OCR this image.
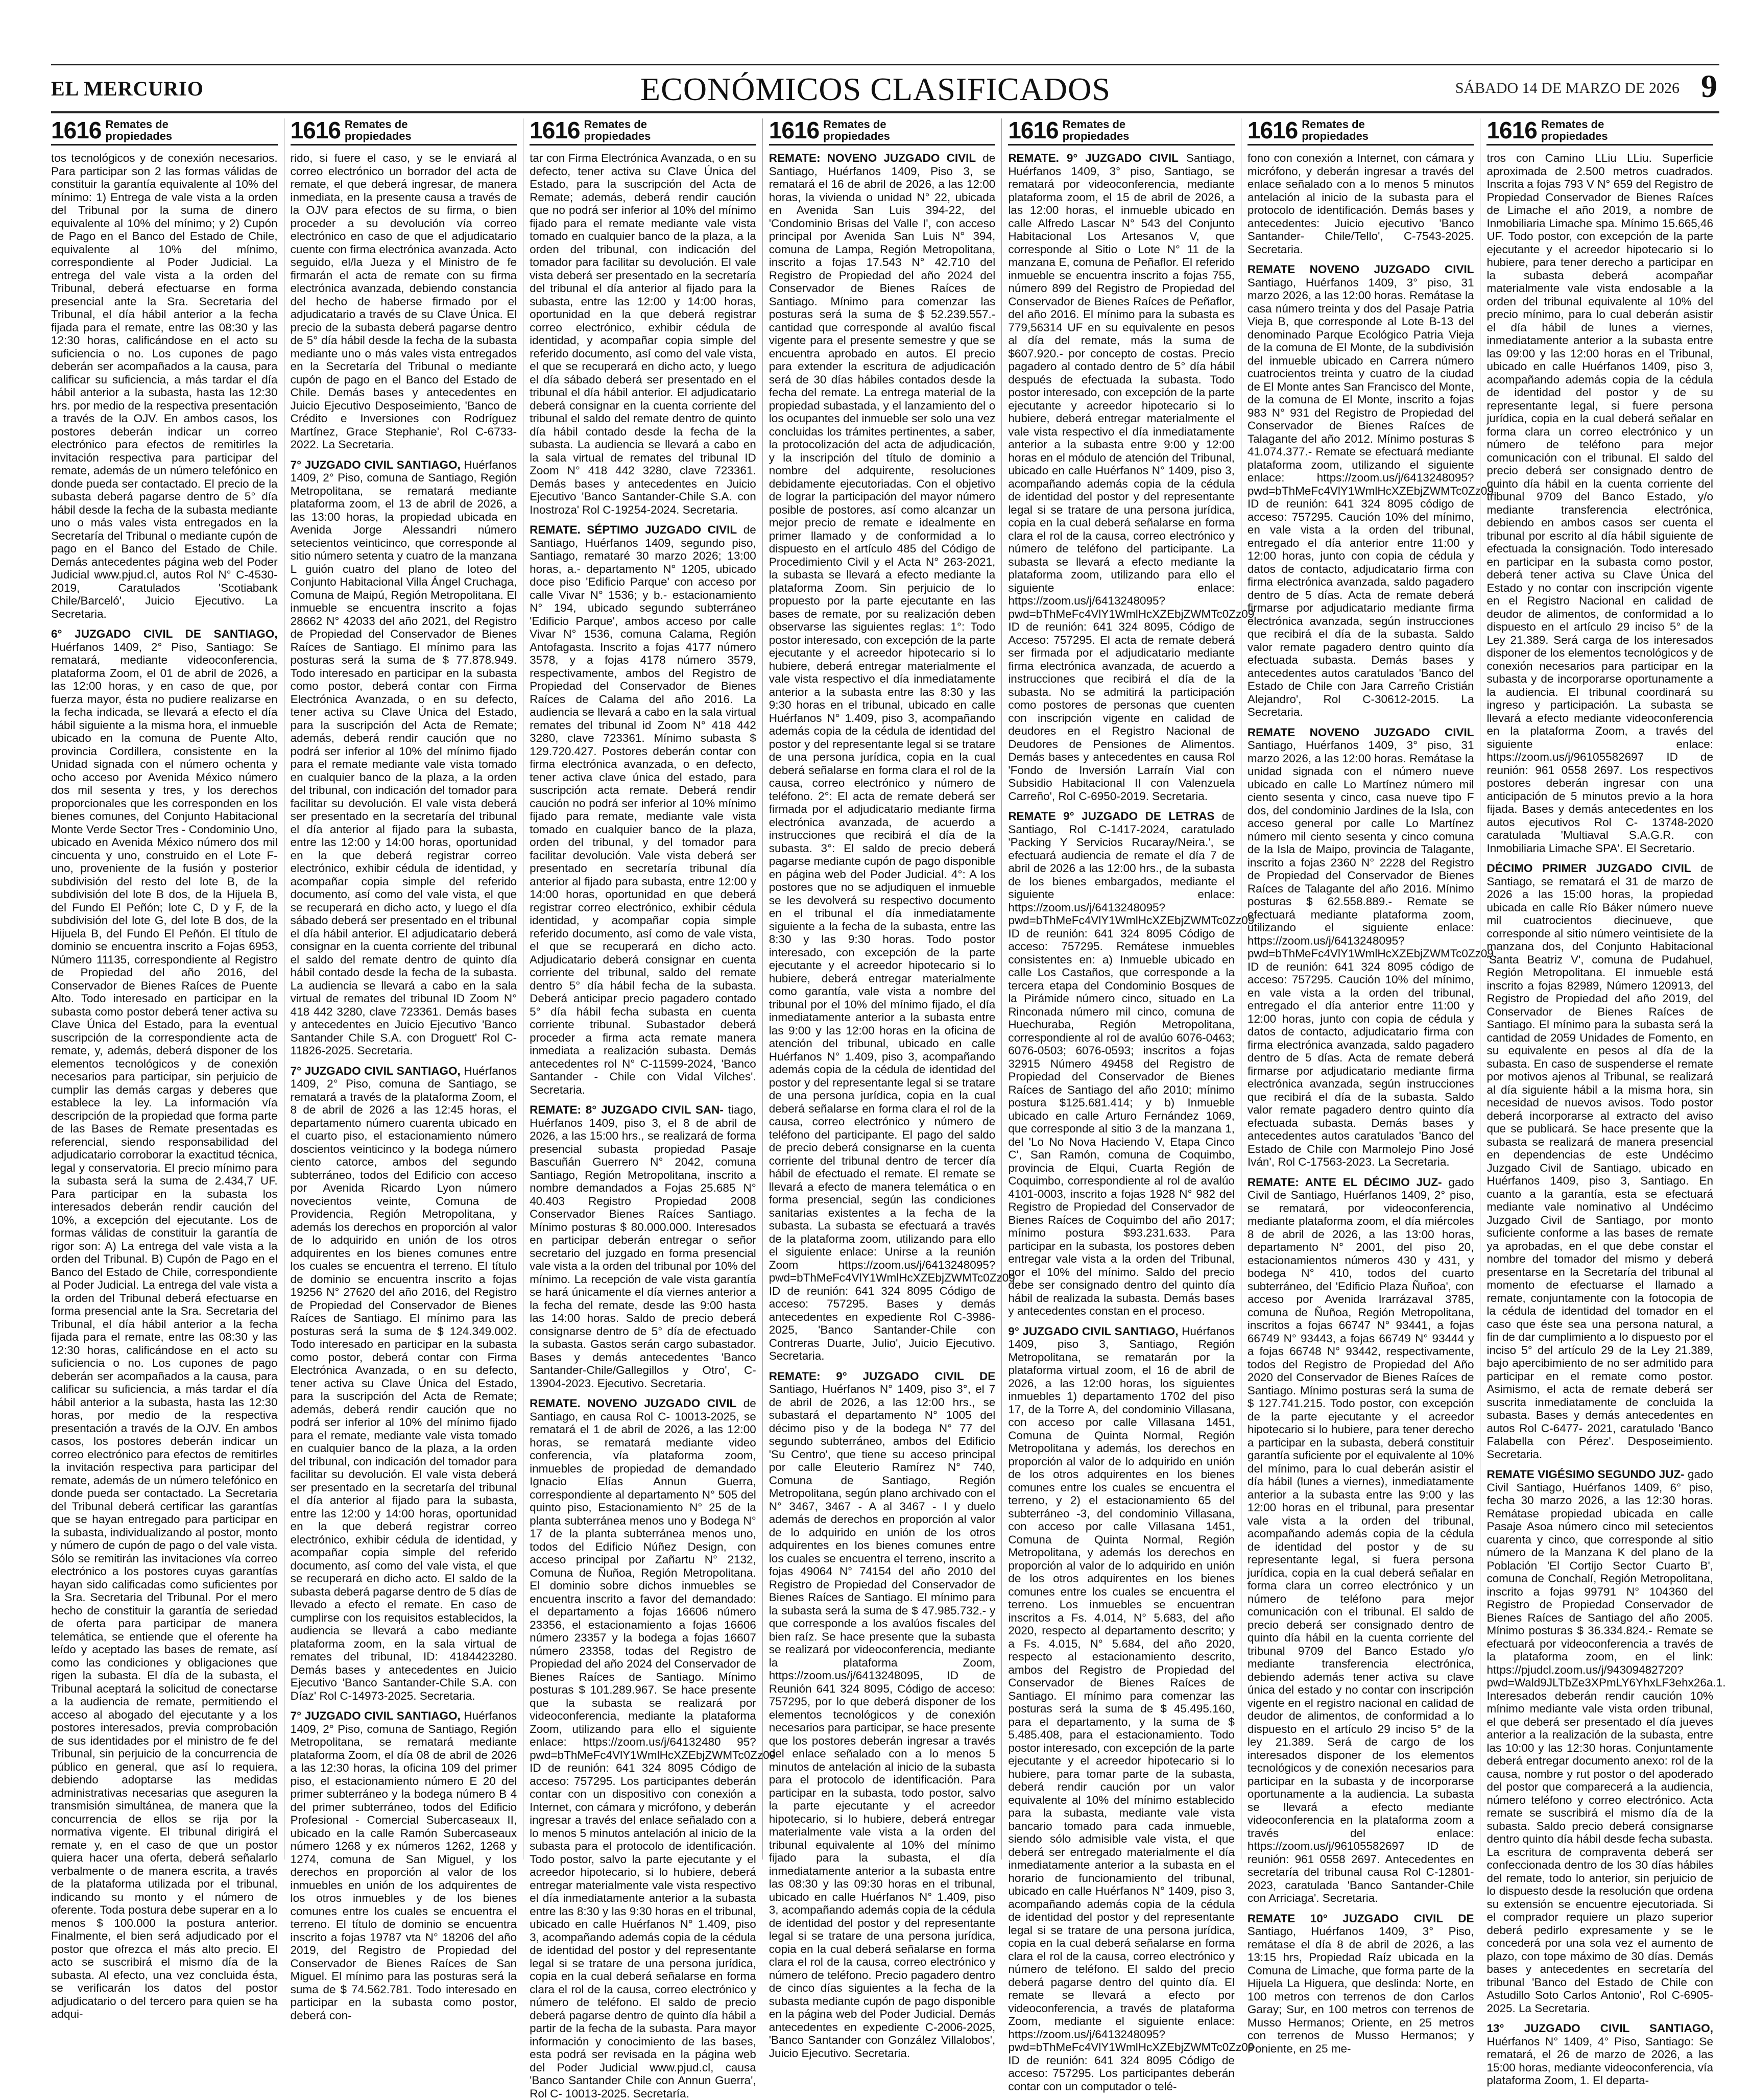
EL MERCURIO	ECONÓMICOS CLASIFICADOS	SÁBADO 14 DE MARZO DE 2026 9
1616 Remates de
propiedades

tos tecnológicos y de conexión necesarios. Para participar son 2 las formas válidas de constituir la garantía equivalente al 10% del mínimo: 1) Entrega de vale vista a la orden del Tribunal por la suma de dinero equivalente al 10% del mínimo; y 2) Cupón de Pago en el Banco del Estado de Chile, equivalente al 10% del mínimo, correspondiente al Poder Judicial. La entrega del vale vista a la orden del Tribunal, deberá efectuarse en forma presencial ante la Sra. Secretaria del Tribunal, el día hábil anterior a la fecha fijada para el remate, entre las 08:30 y las 12:30 horas, calificándose en el acto su suficiencia o no. Los cupones de pago deberán ser acompañados a la causa, para calificar su suficiencia, a más tardar el día hábil anterior a la subasta, hasta las 12:30 hrs. por medio de la respectiva presentación a través de la OJV. En ambos casos, los postores deberán indicar un correo electrónico para efectos de remitirles la invitación respectiva para participar del remate, además de un número telefónico en donde pueda ser contactado. El precio de la subasta deberá pagarse dentro de 5° día hábil desde la fecha de la subasta mediante uno o más vales vista entregados en la Secretaría del Tribunal o mediante cupón de pago en el Banco del Estado de Chile. Demás antecedentes página web del Poder Judicial www.pjud.cl, autos Rol N° C-4530-2019, Caratulados 'Scotiabank Chile/Barceló', Juicio Ejecutivo. La Secretaria.

6° JUZGADO CIVIL DE SANTIAGO, Huérfanos 1409, 2° Piso, Santiago: Se rematará, mediante videoconferencia, plataforma Zoom, el 01 de abril de 2026, a las 12:00 horas, y en caso de que, por fuerza mayor, ésta no pudiere realizarse en la fecha indicada, se llevará a efecto el día hábil siguiente a la misma hora, el inmueble ubicado en la comuna de Puente Alto, provincia Cordillera, consistente en la Unidad signada con el número ochenta y ocho acceso por Avenida México número dos mil sesenta y tres, y los derechos proporcionales que les corresponden en los bienes comunes, del Conjunto Habitacional Monte Verde Sector Tres - Condominio Uno, ubicado en Avenida México número dos mil cincuenta y uno, construido en el Lote F-uno, proveniente de la fusión y posterior subdivisión del resto del lote B, de la subdivisión del lote B dos, de la Hijuela B, del Fundo El Peñón; lote C, D y F, de la subdivisión del lote G, del lote B dos, de la Hijuela B, del Fundo El Peñón. El título de dominio se encuentra inscrito a Fojas 6953, Número 11135, correspondiente al Registro de Propiedad del año 2016, del Conservador de Bienes Raíces de Puente Alto. Todo interesado en participar en la subasta como postor deberá tener activa su Clave Única del Estado, para la eventual suscripción de la correspondiente acta de remate, y, además, deberá disponer de los elementos tecnológicos y de conexión necesarios para participar, sin perjuicio de cumplir las demás cargas y deberes que establece la ley. La información vía descripción de la propiedad que forma parte de las Bases de Remate presentadas es referencial, siendo responsabilidad del adjudicatario corroborar la exactitud técnica, legal y conservatoria. El precio mínimo para la subasta será la suma de 2.434,7 UF. Para participar en la subasta los interesados deberán rendir caución del 10%, a excepción del ejecutante. Los de formas válidas de constituir la garantía de rigor son: A) La entrega del vale vista a la orden del Tribunal. B) Cupón de Pago en el Banco del Estado de Chile, correspondiente al Poder Judicial. La entrega del vale vista a la orden del Tribunal deberá efectuarse en forma presencial ante la Sra. Secretaria del Tribunal, el día hábil anterior a la fecha fijada para el remate, entre las 08:30 y las 12:30 horas, calificándose en el acto su suficiencia o no. Los cupones de pago deberán ser acompañados a la causa, para calificar su suficiencia, a más tardar el día hábil anterior a la subasta, hasta las 12:30 horas, por medio de la respectiva presentación a través de la OJV. En ambos casos, los postores deberán indicar un correo electrónico para efectos de remitirles la invitación respectiva para participar del remate, además de un número telefónico en donde pueda ser contactado. La Secretaria del Tribunal deberá certificar las garantías que se hayan entregado para participar en la subasta, individualizando al postor, monto y número de cupón de pago o del vale vista. Sólo se remitirán las invitaciones vía correo electrónico a los postores cuyas garantías hayan sido calificadas como suficientes por la Sra. Secretaria del Tribunal. Por el mero hecho de constituir la garantía de seriedad de oferta para participar de manera telemática, se entiende que el oferente ha leído y aceptado las bases de remate, así como las condiciones y obligaciones que rigen la subasta. El día de la subasta, el Tribunal aceptará la solicitud de conectarse a la audiencia de remate, permitiendo el acceso al abogado del ejecutante y a los postores interesados, previa comprobación de sus identidades por el ministro de fe del Tribunal, sin perjuicio de la concurrencia de público en general, que así lo requiera, debiendo adoptarse las medidas administrativas necesarias que aseguren la transmisión simultánea, de manera que la concurrencia de ellos se rija por la normativa vigente. El tribunal dirigirá el remate y, en el caso de que un postor quiera hacer una oferta, deberá señalarlo verbalmente o de manera escrita, a través de la plataforma utilizada por el tribunal, indicando su monto y el número de oferente. Toda postura debe superar en a lo menos $ 100.000 la postura anterior. Finalmente, el bien será adjudicado por el postor que ofrezca el más alto precio. El acto se suscribirá el mismo día de la subasta. Al efecto, una vez concluida ésta, se verificarán los datos del postor adjudicatario o del tercero para quien se ha adqui-

1616 Remates de
propiedades

rido, si fuere el caso, y se le enviará al correo electrónico un borrador del acta de remate, el que deberá ingresar, de manera inmediata, en la presente causa a través de la OJV para efectos de su firma, o bien proceder a su devolución vía correo electrónico en caso de que el adjudicatario cuente con firma electrónica avanzada. Acto seguido, el/la Jueza y el Ministro de fe firmarán el acta de remate con su firma electrónica avanzada, debiendo constancia del hecho de haberse firmado por el adjudicatario a través de su Clave Única. El precio de la subasta deberá pagarse dentro de 5° día hábil desde la fecha de la subasta mediante uno o más vales vista entregados en la Secretaría del Tribunal o mediante cupón de pago en el Banco del Estado de Chile. Demás bases y antecedentes en Juicio Ejecutivo Desposeimiento, 'Banco de Crédito e Inversiones con Rodríguez Martínez, Grace Stephanie', Rol C-6733-2022. La Secretaria.

7° JUZGADO CIVIL SANTIAGO, Huérfanos 1409, 2° Piso, comuna de Santiago, Región Metropolitana, se rematará mediante plataforma zoom, el 13 de abril de 2026, a las 13:00 horas, la propiedad ubicada en Avenida Jorge Alessandri número setecientos veinticinco, que corresponde al sitio número setenta y cuatro de la manzana L guión cuatro del plano de loteo del Conjunto Habitacional Villa Ángel Cruchaga, Comuna de Maipú, Región Metropolitana. El inmueble se encuentra inscrito a fojas 28662 N° 42033 del año 2021, del Registro de Propiedad del Conservador de Bienes Raíces de Santiago. El mínimo para las posturas será la suma de $ 77.878.949. Todo interesado en participar en la subasta como postor, deberá contar con Firma Electrónica Avanzada, o en su defecto, tener activa su Clave Única del Estado, para la suscripción del Acta de Remate; además, deberá rendir caución que no podrá ser inferior al 10% del mínimo fijado para el remate mediante vale vista tomado en cualquier banco de la plaza, a la orden del tribunal, con indicación del tomador para facilitar su devolución. El vale vista deberá ser presentado en la secretaría del tribunal el día anterior al fijado para la subasta, entre las 12:00 y 14:00 horas, oportunidad en la que deberá registrar correo electrónico, exhibir cédula de identidad, y acompañar copia simple del referido documento, así como del vale vista, el que se recuperará en dicho acto, y luego el día sábado deberá ser presentado en el tribunal el día hábil anterior. El adjudicatario deberá consignar en la cuenta corriente del tribunal el saldo del remate dentro de quinto día hábil contado desde la fecha de la subasta. La audiencia se llevará a cabo en la sala virtual de remates del tribunal ID Zoom N° 418 442 3280, clave 723361. Demás bases y antecedentes en Juicio Ejecutivo 'Banco Santander Chile S.A. con Droguett' Rol C-11826-2025. Secretaria.

7° JUZGADO CIVIL SANTIAGO, Huérfanos 1409, 2° Piso, comuna de Santiago, se rematará a través de la plataforma Zoom, el 8 de abril de 2026 a las 12:45 horas, el departamento número cuarenta ubicado en el cuarto piso, el estacionamiento número doscientos veinticinco y la bodega número ciento catorce, ambos del segundo subterráneo, todos del Edificio con acceso por Avenida Ricardo Lyon número novecientos veinte, Comuna de Providencia, Región Metropolitana, y además los derechos en proporción al valor de lo adquirido en unión de los otros adquirentes en los bienes comunes entre los cuales se encuentra el terreno. El título de dominio se encuentra inscrito a fojas 19256 N° 27620 del año 2016, del Registro de Propiedad del Conservador de Bienes Raíces de Santiago. El mínimo para las posturas será la suma de $ 124.349.002. Todo interesado en participar en la subasta como postor, deberá contar con Firma Electrónica Avanzada, o en su defecto, tener activa su Clave Única del Estado, para la suscripción del Acta de Remate; además, deberá rendir caución que no podrá ser inferior al 10% del mínimo fijado para el remate, mediante vale vista tomado en cualquier banco de la plaza, a la orden del tribunal, con indicación del tomador para facilitar su devolución. El vale vista deberá ser presentado en la secretaría del tribunal el día anterior al fijado para la subasta, entre las 12:00 y 14:00 horas, oportunidad en la que deberá registrar correo electrónico, exhibir cédula de identidad, y acompañar copia simple del referido documento, así como del vale vista, el que se recuperará en dicho acto. El saldo de la subasta deberá pagarse dentro de 5 días de llevado a efecto el remate. En caso de cumplirse con los requisitos establecidos, la audiencia se llevará a cabo mediante plataforma zoom, en la sala virtual de remates del tribunal, ID: 4184423280. Demás bases y antecedentes en Juicio Ejecutivo 'Banco Santander-Chile S.A. con Díaz' Rol C-14973-2025. Secretaria.

7° JUZGADO CIVIL SANTIAGO, Huérfanos 1409, 2° Piso, comuna de Santiago, Región Metropolitana, se rematará mediante plataforma Zoom, el día 08 de abril de 2026 a las 12:30 horas, la oficina 109 del primer piso, el estacionamiento número E 20 del primer subterráneo y la bodega número B 4 del primer subterráneo, todos del Edificio Profesional - Comercial Subercaseaux II, ubicado en la calle Ramón Subercaseaux número 1268 y ex números 1262, 1268 y 1274, comuna de San Miguel, y los derechos en proporción al valor de los inmuebles en unión de los adquirentes de los otros inmuebles y de los bienes comunes entre los cuales se encuentra el terreno. El título de dominio se encuentra inscrito a fojas 19787 vta N° 18206 del año 2019, del Registro de Propiedad del Conservador de Bienes Raíces de San Miguel. El mínimo para las posturas será la suma de $ 74.562.781. Todo interesado en participar en la subasta como postor, deberá con-

1616 Remates de
propiedades

tar con Firma Electrónica Avanzada, o en su defecto, tener activa su Clave Única del Estado, para la suscripción del Acta de Remate; además, deberá rendir caución que no podrá ser inferior al 10% del mínimo fijado para el remate mediante vale vista tomado en cualquier banco de la plaza, a la orden del tribunal, con indicación del tomador para facilitar su devolución. El vale vista deberá ser presentado en la secretaría del tribunal el día anterior al fijado para la subasta, entre las 12:00 y 14:00 horas, oportunidad en la que deberá registrar correo electrónico, exhibir cédula de identidad, y acompañar copia simple del referido documento, así como del vale vista, el que se recuperará en dicho acto, y luego el día sábado deberá ser presentado en el tribunal el día hábil anterior. El adjudicatario deberá consignar en la cuenta corriente del tribunal el saldo del remate dentro de quinto día hábil contado desde la fecha de la subasta. La audiencia se llevará a cabo en la sala virtual de remates del tribunal ID Zoom N° 418 442 3280, clave 723361. Demás bases y antecedentes en Juicio Ejecutivo 'Banco Santander-Chile S.A. con Inostroza' Rol C-19254-2024. Secretaria.

REMATE. SÉPTIMO JUZGADO CIVIL de Santiago, Huérfanos 1409, segundo piso, Santiago, remataré 30 marzo 2026; 13:00 horas, a.- departamento N° 1205, ubicado doce piso 'Edificio Parque' con acceso por calle Vivar N° 1536; y b.- estacionamiento N° 194, ubicado segundo subterráneo 'Edificio Parque', ambos acceso por calle Vivar N° 1536, comuna Calama, Región Antofagasta. Inscrito a fojas 4177 número 3578, y a fojas 4178 número 3579, respectivamente, ambos del Registro de Propiedad del Conservador de Bienes Raíces de Calama del año 2016. La audiencia se llevará a cabo en la sala virtual remates del tribunal id Zoom N° 418 442 3280, clave 723361. Mínimo subasta $ 129.720.427. Postores deberán contar con firma electrónica avanzada, o en defecto, tener activa clave única del estado, para suscripción acta remate. Deberá rendir caución no podrá ser inferior al 10% mínimo fijado para remate, mediante vale vista tomado en cualquier banco de la plaza, orden del tribunal, y del tomador para facilitar devolución. Vale vista deberá ser presentado en secretaría tribunal día anterior al fijado para subasta, entre 12:00 y 14:00 horas, oportunidad en que deberá registrar correo electrónico, exhibir cédula identidad, y acompañar copia simple referido documento, así como de vale vista, el que se recuperará en dicho acto. Adjudicatario deberá consignar en cuenta corriente del tribunal, saldo del remate dentro 5° día hábil fecha de la subasta. Deberá anticipar precio pagadero contado 5° día hábil fecha subasta en cuenta corriente tribunal. Subastador deberá proceder a firma acta remate manera inmediata a realización subasta. Demás antecedentes rol N° C-11599-2024, 'Banco Santander - Chile con Vidal Vilches'. Secretaria.

REMATE: 8° JUZGADO CIVIL SAN- tiago, Huérfanos 1409, piso 3, el 8 de abril de 2026, a las 15:00 hrs., se realizará de forma presencial subasta propiedad Pasaje Bascuñán Guerrero N° 2042, comuna Santiago, Región Metropolitana, inscrito a nombre demandados a Fojas 25.685 N° 40.403 Registro Propiedad 2008 Conservador Bienes Raíces Santiago. Mínimo posturas $ 80.000.000. Interesados en participar deberán entregar o señor secretario del juzgado en forma presencial vale vista a la orden del tribunal por 10% del mínimo. La recepción de vale vista garantía se hará únicamente el día viernes anterior a la fecha del remate, desde las 9:00 hasta las 14:00 horas. Saldo de precio deberá consignarse dentro de 5° día de efectuado la subasta. Gastos serán cargo subastador. Bases y demás antecedentes 'Banco Santander-Chile/Gallegillos y Otro', C-13904-2023. Ejecutivo. Secretaria.

REMATE. NOVENO JUZGADO CIVIL de Santiago, en causa Rol C- 10013-2025, se rematará el 1 de abril de 2026, a las 12:00 horas, se rematará mediante video conferencia, vía plataforma zoom, inmuebles de propiedad de demandado Ignacio Elías Annun Guerra, correspondiente al departamento N° 505 del quinto piso, Estacionamiento N° 25 de la planta subterránea menos uno y Bodega N° 17 de la planta subterránea menos uno, todos del Edificio Núñez Design, con acceso principal por Zañartu N° 2132, Comuna de Ñuñoa, Región Metropolitana. El dominio sobre dichos inmuebles se encuentra inscrito a favor del demandado: el departamento a fojas 16606 número 23356, el estacionamiento a fojas 16606 número 23357 y la bodega a fojas 16607 número 23358, todas del Registro de Propiedad del año 2024 del Conservador de Bienes Raíces de Santiago. Mínimo posturas $ 101.289.967. Se hace presente que la subasta se realizará por videoconferencia, mediante la plataforma Zoom, utilizando para ello el siguiente enlace: https://zoom.us/j/64132480 95?pwd=bThMeFc4VlY1WmlHcXZEbjZWMTc0Zz09 ID de reunión: 641 324 8095 Código de acceso: 757295. Los participantes deberán contar con un dispositivo con conexión a Internet, con cámara y micrófono, y deberán ingresar a través del enlace señalado con a lo menos 5 minutos antelación al inicio de la subasta para el protocolo de identificación. Todo postor, salvo la parte ejecutante y el acreedor hipotecario, si lo hubiere, deberá entregar materialmente vale vista respectivo el día inmediatamente anterior a la subasta entre las 8:30 y las 9:30 horas en el tribunal, ubicado en calle Huérfanos N° 1.409, piso 3, acompañando además copia de la cédula de identidad del postor y del representante legal si se tratare de una persona jurídica, copia en la cual deberá señalarse en forma clara el rol de la causa, correo electrónico y número de teléfono. El saldo de precio deberá pagarse dentro de quinto día hábil a partir de la fecha de la subasta. Para mayor información y conocimiento de las bases, esta podrá ser revisada en la página web del Poder Judicial www.pjud.cl, causa 'Banco Santander Chile con Annun Guerra', Rol C- 10013-2025. Secretaría.

1616 Remates de
propiedades

REMATE: NOVENO JUZGADO CIVIL de Santiago, Huérfanos 1409, Piso 3, se rematará el 16 de abril de 2026, a las 12:00 horas, la vivienda o unidad N° 22, ubicada en Avenida San Luis 394-22, del 'Condominio Brisas del Valle I', con acceso principal por Avenida San Luis N° 394, comuna de Lampa, Región Metropolitana, inscrito a fojas 17.543 N° 42.710 del Registro de Propiedad del año 2024 del Conservador de Bienes Raíces de Santiago. Mínimo para comenzar las posturas será la suma de $ 52.239.557.- cantidad que corresponde al avalúo fiscal vigente para el presente semestre y que se encuentra aprobado en autos. El precio para extender la escritura de adjudicación será de 30 días hábiles contados desde la fecha del remate. La entrega material de la propiedad subastada, y el lanzamiento del o los ocupantes del inmueble ser solo una vez concluidas los trámites pertinentes, a saber, la protocolización del acta de adjudicación, y la inscripción del título de dominio a nombre del adquirente, resoluciones debidamente ejecutoriadas. Con el objetivo de lograr la participación del mayor número posible de postores, así como alcanzar un mejor precio de remate e idealmente en primer llamado y de conformidad a lo dispuesto en el artículo 485 del Código de Procedimiento Civil y el Acta N° 263-2021, la subasta se llevará a efecto mediante la plataforma Zoom. Sin perjuicio de lo propuesto por la parte ejecutante en las bases de remate, por su realización deben observarse las siguientes reglas: 1°: Todo postor interesado, con excepción de la parte ejecutante y el acreedor hipotecario si lo hubiere, deberá entregar materialmente el vale vista respectivo el día inmediatamente anterior a la subasta entre las 8:30 y las 9:30 horas en el tribunal, ubicado en calle Huérfanos N° 1.409, piso 3, acompañando además copia de la cédula de identidad del postor y del representante legal si se tratare de una persona jurídica, copia en la cual deberá señalarse en forma clara el rol de la causa, correo electrónico y número de teléfono. 2°: El acta de remate deberá ser firmada por el adjudicatario mediante firma electrónica avanzada, de acuerdo a instrucciones que recibirá el día de la subasta. 3°: El saldo de precio deberá pagarse mediante cupón de pago disponible en página web del Poder Judicial. 4°: A los postores que no se adjudiquen el inmueble se les devolverá su respectivo documento en el tribunal el día inmediatamente siguiente a la fecha de la subasta, entre las 8:30 y las 9:30 horas. Todo postor interesado, con excepción de la parte ejecutante y el acreedor hipotecario si lo hubiere, deberá entregar materialmente como garantía, vale vista a nombre del tribunal por el 10% del mínimo fijado, el día inmediatamente anterior a la subasta entre las 9:00 y las 12:00 horas en la oficina de atención del tribunal, ubicado en calle Huérfanos N° 1.409, piso 3, acompañando además copia de la cédula de identidad del postor y del representante legal si se tratare de una persona jurídica, copia en la cual deberá señalarse en forma clara el rol de la causa, correo electrónico y número de teléfono del participante. El pago del saldo de precio deberá consignarse en la cuenta corriente del tribunal dentro de tercer día hábil de efectuado el remate. El remate se llevará a efecto de manera telemática o en forma presencial, según las condiciones sanitarias existentes a la fecha de la subasta. La subasta se efectuará a través de la plataforma zoom, utilizando para ello el siguiente enlace: Unirse a la reunión Zoom https://zoom.us/j/6413248095? pwd=bThMeFc4VlY1WmlHcXZEbjZWMTc0Zz09 ID de reunión: 641 324 8095 Código de acceso: 757295. Bases y demás antecedentes en expediente Rol C-3986-2025, 'Banco Santander-Chile con Contreras Duarte, Julio', Juicio Ejecutivo. Secretaria.

REMATE: 9° JUZGADO CIVIL DE Santiago, Huérfanos N° 1409, piso 3°, el 7 de abril de 2026, a las 12:00 hrs., se subastará el departamento N° 1005 del décimo piso y de la bodega N° 77 del segundo subterráneo, ambos del Edificio 'Su Centro', que tiene su acceso principal por calle Eleuterio Ramírez N° 740, Comuna de Santiago, Región Metropolitana, según plano archivado con el N° 3467, 3467 - A al 3467 - I y duelo además de derechos en proporción al valor de lo adquirido en unión de los otros adquirentes en los bienes comunes entre los cuales se encuentra el terreno, inscrito a fojas 49064 N° 74154 del año 2010 del Registro de Propiedad del Conservador de Bienes Raíces de Santiago. El mínimo para la subasta será la suma de $ 47.985.732.- y que corresponde a los avalúos fiscales del bien raíz. Se hace presente que la subasta se realizará por videoconferencia, mediante la plataforma Zoom, https://zoom.us/j/6413248095, ID de Reunión 641 324 8095, Código de acceso: 757295, por lo que deberá disponer de los elementos tecnológicos y de conexión necesarios para participar, se hace presente que los postores deberán ingresar a través del enlace señalado con a lo menos 5 minutos de antelación al inicio de la subasta para el protocolo de identificación. Para participar en la subasta, todo postor, salvo la parte ejecutante y el acreedor hipotecario, si lo hubiere, deberá entregar materialmente vale vista a la orden del tribunal equivalente al 10% del mínimo fijado para la subasta, el día inmediatamente anterior a la subasta entre las 08:30 y las 09:30 horas en el tribunal, ubicado en calle Huérfanos N° 1.409, piso 3, acompañando además copia de la cédula de identidad del postor y del representante legal si se tratare de una persona jurídica, copia en la cual deberá señalarse en forma clara el rol de la causa, correo electrónico y número de teléfono. Precio pagadero dentro de cinco días siguientes a la fecha de la subasta mediante cupón de pago disponible en la página web del Poder Judicial. Demás antecedentes en expediente C-2006-2025, 'Banco Santander con González Villalobos', Juicio Ejecutivo. Secretaria.

1616 Remates de
propiedades

REMATE. 9° JUZGADO CIVIL Santiago, Huérfanos 1409, 3° piso, Santiago, se rematará por videoconferencia, mediante plataforma zoom, el 15 de abril de 2026, a las 12:00 horas, el inmueble ubicado en calle Alfredo Lascar N° 543 del Conjunto Habitacional Los Artesanos V, que corresponde al Sitio o Lote N° 11 de la manzana E, comuna de Peñaflor. El referido inmueble se encuentra inscrito a fojas 755, número 899 del Registro de Propiedad del Conservador de Bienes Raíces de Peñaflor, del año 2016. El mínimo para la subasta es 779,56314 UF en su equivalente en pesos al día del remate, más la suma de $607.920.- por concepto de costas. Precio pagadero al contado dentro de 5° día hábil después de efectuada la subasta. Todo postor interesado, con excepción de la parte ejecutante y acreedor hipotecario si lo hubiere, deberá entregar materialmente el vale vista respectivo el día inmediatamente anterior a la subasta entre 9:00 y 12:00 horas en el módulo de atención del Tribunal, ubicado en calle Huérfanos N° 1409, piso 3, acompañando además copia de la cédula de identidad del postor y del representante legal si se tratare de una persona jurídica, copia en la cual deberá señalarse en forma clara el rol de la causa, correo electrónico y número de teléfono del participante. La subasta se llevará a efecto mediante la plataforma zoom, utilizando para ello el siguiente enlace: https://zoom.us/j/6413248095? pwd=bThMeFc4VlY1WmlHcXZEbjZWMTc0Zz09 ID de reunión: 641 324 8095, Código de Acceso: 757295. El acta de remate deberá ser firmada por el adjudicatario mediante firma electrónica avanzada, de acuerdo a instrucciones que recibirá el día de la subasta. No se admitirá la participación como postores de personas que cuenten con inscripción vigente en calidad de deudores en el Registro Nacional de Deudores de Pensiones de Alimentos. Demás bases y antecedentes en causa Rol 'Fondo de Inversión Larraín Vial con Subsidio Habitacional II con Valenzuela Carreño', Rol C-6950-2019. Secretaria.

REMATE 9° JUZGADO DE LETRAS de Santiago, Rol C-1417-2024, caratulado 'Packing Y Servicios Rucaray/Neira.', se efectuará audiencia de remate el día 7 de abril de 2026 a las 12:00 hrs., de la subasta de los bienes embargados, mediante el siguiente enlace: https://zoom.us/j/6413248095?pwd=bThMeFc4VlY1WmlHcXZEbjZWMTc0Zz09 ID de reunión: 641 324 8095 Código de acceso: 757295. Remátese inmuebles consistentes en: a) Inmueble ubicado en calle Los Castaños, que corresponde a la tercera etapa del Condominio Bosques de la Pirámide número cinco, situado en La Rinconada número mil cinco, comuna de Huechuraba, Región Metropolitana, correspondiente al rol de avalúo 6076-0463; 6076-0503; 6076-0593; inscritos a fojas 32915 Número 49458 del Registro de Propiedad del Conservador de Bienes Raíces de Santiago del año 2010; mínimo postura $125.681.414; y b) Inmueble ubicado en calle Arturo Fernández 1069, que corresponde al sitio 3 de la manzana 1, del 'Lo No Nova Haciendo V, Etapa Cinco C', San Ramón, comuna de Coquimbo, provincia de Elqui, Cuarta Región de Coquimbo, correspondiente al rol de avalúo 4101-0003, inscrito a fojas 1928 N° 982 del Registro de Propiedad del Conservador de Bienes Raíces de Coquimbo del año 2017; mínimo postura $93.231.633. Para participar en la subasta, los postores deben entregar vale vista a la orden del Tribunal, por el 10% del mínimo. Saldo del precio debe ser consignado dentro del quinto día hábil de realizada la subasta. Demás bases y antecedentes constan en el proceso.

9° JUZGADO CIVIL SANTIAGO, Huérfanos 1409, piso 3, Santiago, Región Metropolitana, se rematarán por la plataforma virtual zoom, el 16 de abril de 2026, a las 12:00 horas, los siguientes inmuebles 1) departamento 1702 del piso 17, de la Torre A, del condominio Villasana, con acceso por calle Villasana 1451, Comuna de Quinta Normal, Región Metropolitana y además, los derechos en proporción al valor de lo adquirido en unión de los otros adquirentes en los bienes comunes entre los cuales se encuentra el terreno, y 2) el estacionamiento 65 del subterráneo -3, del condominio Villasana, con acceso por calle Villasana 1451, Comuna de Quinta Normal, Región Metropolitana, y además los derechos en proporción al valor de lo adquirido en unión de los otros adquirentes en los bienes comunes entre los cuales se encuentra el terreno. Los inmuebles se encuentran inscritos a Fs. 4.014, N° 5.683, del año 2020, respecto al departamento descrito; y a Fs. 4.015, N° 5.684, del año 2020, respecto al estacionamiento descrito, ambos del Registro de Propiedad del Conservador de Bienes Raíces de Santiago. El mínimo para comenzar las posturas será la suma de $ 45.495.160, para el departamento, y la suma de $ 5.485.408, para el estacionamiento. Todo postor interesado, con excepción de la parte ejecutante y el acreedor hipotecario si lo hubiere, para tomar parte de la subasta, deberá rendir caución por un valor equivalente al 10% del mínimo establecido para la subasta, mediante vale vista bancario tomado para cada inmueble, siendo sólo admisible vale vista, el que deberá ser entregado materialmente el día inmediatamente anterior a la subasta en el horario de funcionamiento del tribunal, ubicado en calle Huérfanos N° 1409, piso 3, acompañando además copia de la cédula de identidad del postor y del representante legal si se tratare de una persona jurídica, copia en la cual deberá señalarse en forma clara el rol de la causa, correo electrónico y número de teléfono. El saldo del precio deberá pagarse dentro del quinto día. El remate se llevará a efecto por videoconferencia, a través de plataforma Zoom, mediante el siguiente enlace: https://zoom.us/j/6413248095?pwd=bThMeFc4VlY1WmlHcXZEbjZWMTc0Zz09 ID de reunión: 641 324 8095 Código de acceso: 757295. Los participantes deberán contar con un computador o telé-

1616 Remates de
propiedades

fono con conexión a Internet, con cámara y micrófono, y deberán ingresar a través del enlace señalado con a lo menos 5 minutos antelación al inicio de la subasta para el protocolo de identificación. Demás bases y antecedentes: Juicio ejecutivo 'Banco Santander- Chile/Tello', C-7543-2025. Secretaria.

REMATE NOVENO JUZGADO CIVIL Santiago, Huérfanos 1409, 3° piso, 31 marzo 2026, a las 12:00 horas. Remátase la casa número treinta y dos del Pasaje Patria Vieja B, que corresponde al Lote B-13 del denominado Parque Ecológico Patria Vieja de la comuna de El Monte, de la subdivisión del inmueble ubicado en Carrera número cuatrocientos treinta y cuatro de la ciudad de El Monte antes San Francisco del Monte, de la comuna de El Monte, inscrito a fojas 983 N° 931 del Registro de Propiedad del Conservador de Bienes Raíces de Talagante del año 2012. Mínimo posturas $ 41.074.377.- Remate se efectuará mediante plataforma zoom, utilizando el siguiente enlace: https://zoom.us/j/6413248095?pwd=bThMeFc4VlY1WmlHcXZEbjZWMTc0Zz09, ID de reunión: 641 324 8095 código de acceso: 757295. Caución 10% del mínimo, en vale vista a la orden del tribunal, entregado el día anterior entre 11:00 y 12:00 horas, junto con copia de cédula y datos de contacto, adjudicatario firma con firma electrónica avanzada, saldo pagadero dentro de 5 días. Acta de remate deberá firmarse por adjudicatario mediante firma electrónica avanzada, según instrucciones que recibirá el día de la subasta. Saldo valor remate pagadero dentro quinto día efectuada subasta. Demás bases y antecedentes autos caratulados 'Banco del Estado de Chile con Jara Carreño Cristián Alejandro', Rol C-30612-2015. La Secretaria.

REMATE NOVENO JUZGADO CIVIL Santiago, Huérfanos 1409, 3° piso, 31 marzo 2026, a las 12:00 horas. Remátase la unidad signada con el número nueve ubicado en calle Lo Martínez número mil ciento sesenta y cinco, casa nueve tipo F dos, del condominio Jardines de la Isla, con acceso general por calle Lo Martínez número mil ciento sesenta y cinco comuna de la Isla de Maipo, provincia de Talagante, inscrito a fojas 2360 N° 2228 del Registro de Propiedad del Conservador de Bienes Raíces de Talagante del año 2016. Mínimo posturas $ 62.558.889.- Remate se efectuará mediante plataforma zoom, utilizando el siguiente enlace: https://zoom.us/j/6413248095?pwd=bThMeFc4VlY1WmlHcXZEbjZWMTc0Zz09, ID de reunión: 641 324 8095 código de acceso: 757295. Caución 10% del mínimo, en vale vista a la orden del tribunal, entregado el día anterior entre 11:00 y 12:00 horas, junto con copia de cédula y datos de contacto, adjudicatario firma con firma electrónica avanzada, saldo pagadero dentro de 5 días. Acta de remate deberá firmarse por adjudicatario mediante firma electrónica avanzada, según instrucciones que recibirá el día de la subasta. Saldo valor remate pagadero dentro quinto día efectuada subasta. Demás bases y antecedentes autos caratulados 'Banco del Estado de Chile con Marmolejo Pino José Iván', Rol C-17563-2023. La Secretaria.

REMATE: ANTE EL DÉCIMO JUZ- gado Civil de Santiago, Huérfanos 1409, 2° piso, se rematará, por videoconferencia, mediante plataforma zoom, el día miércoles 8 de abril de 2026, a las 13:00 horas, departamento N° 2001, del piso 20, estacionamientos números 430 y 431, y bodega N° 410, todos del cuarto subterráneo, del 'Edificio Plaza Ñuñoa', con acceso por Avenida Irarrázaval 3785, comuna de Ñuñoa, Región Metropolitana, inscritos a fojas 66747 N° 93441, a fojas 66749 N° 93443, a fojas 66749 N° 93444 y a fojas 66748 N° 93442, respectivamente, todos del Registro de Propiedad del Año 2020 del Conservador de Bienes Raíces de Santiago. Mínimo posturas será la suma de $ 127.741.215. Todo postor, con excepción de la parte ejecutante y el acreedor hipotecario si lo hubiere, para tener derecho a participar en la subasta, deberá constituir garantía suficiente por el equivalente al 10% del mínimo, para lo cual deberán asistir el día hábil (lunes a viernes), inmediatamente anterior a la subasta entre las 9:00 y las 12:00 horas en el tribunal, para presentar vale vista a la orden del tribunal, acompañando además copia de la cédula de identidad del postor y de su representante legal, si fuera persona jurídica, copia en la cual deberá señalar en forma clara un correo electrónico y un número de teléfono para mejor comunicación con el tribunal. El saldo de precio deberá ser consignado dentro de quinto día hábil en la cuenta corriente del tribunal 9709 del Banco Estado y/o mediante transferencia electrónica, debiendo además tener activa su clave única del estado y no contar con inscripción vigente en el registro nacional en calidad de deudor de alimentos, de conformidad a lo dispuesto en el artículo 29 inciso 5° de la ley 21.389. Será de cargo de los interesados disponer de los elementos tecnológicos y de conexión necesarios para participar en la subasta y de incorporarse oportunamente a la audiencia. La subasta se llevará a efecto mediante videoconferencia en la plataforma zoom a través del enlace: https://zoom.us/j/96105582697 ID de reunión: 961 0558 2697. Antecedentes en secretaría del tribunal causa Rol C-12801-2023, caratulada 'Banco Santander-Chile con Arriciaga'. Secretaria.

REMATE 10° JUZGADO CIVIL DE Santiago, Huérfanos 1409, 3° Piso, remátase el día 8 de abril de 2026, a las 13:15 hrs, Propiedad Raíz ubicada en la Comuna de Limache, que forma parte de la Hijuela La Higuera, que deslinda: Norte, en 100 metros con terrenos de don Carlos Garay; Sur, en 100 metros con terrenos de Musso Hermanos; Oriente, en 25 metros con terrenos de Musso Hermanos; y Poniente, en 25 me-

1616 Remates de
propiedades

tros con Camino LLiu LLiu. Superficie aproximada de 2.500 metros cuadrados. Inscrita a fojas 793 V N° 659 del Registro de Propiedad Conservador de Bienes Raíces de Limache el año 2019, a nombre de Inmobiliaria Limache spa. Mínimo 15.665,46 UF. Todo postor, con excepción de la parte ejecutante y el acreedor hipotecario si lo hubiere, para tener derecho a participar en la subasta deberá acompañar materialmente vale vista endosable a la orden del tribunal equivalente al 10% del precio mínimo, para lo cual deberán asistir el día hábil de lunes a viernes, inmediatamente anterior a la subasta entre las 09:00 y las 12:00 horas en el Tribunal, ubicado en calle Huérfanos 1409, piso 3, acompañando además copia de la cédula de identidad del postor y de su representante legal, si fuere persona jurídica, copia en la cual deberá señalar en forma clara un correo electrónico y un número de teléfono para mejor comunicación con el tribunal. El saldo del precio deberá ser consignado dentro de quinto día hábil en la cuenta corriente del tribunal 9709 del Banco Estado, y/o mediante transferencia electrónica, debiendo en ambos casos ser cuenta el tribunal por escrito al día hábil siguiente de efectuada la consignación. Todo interesado en participar en la subasta como postor, deberá tener activa su Clave Única del Estado y no contar con inscripción vigente en el Registro Nacional en calidad de deudor de alimentos, de conformidad a lo dispuesto en el artículo 29 inciso 5° de la Ley 21.389. Será carga de los interesados disponer de los elementos tecnológicos y de conexión necesarios para participar en la subasta y de incorporarse oportunamente a la audiencia. El tribunal coordinará su ingreso y participación. La subasta se llevará a efecto mediante videoconferencia en la plataforma Zoom, a través del siguiente enlace: https://zoom.us/j/96105582697 ID de reunión: 961 0558 2697. Los respectivos postores deberán ingresar con una anticipación de 5 minutos previo a la hora fijada. Bases y demás antecedentes en los autos ejecutivos Rol C- 13748-2020 caratulada 'Multiaval S.A.G.R. con Inmobiliaria Limache SPA'. El Secretario.

DÉCIMO PRIMER JUZGADO CIVIL de Santiago, se rematará el 31 de marzo de 2026 a las 15:00 horas, la propiedad ubicada en calle Río Báker número nueve mil cuatrocientos diecinueve, que corresponde al sitio número veintisiete de la manzana dos, del Conjunto Habitacional 'Santa Beatriz V', comuna de Pudahuel, Región Metropolitana. El inmueble está inscrito a fojas 82989, Número 120913, del Registro de Propiedad del año 2019, del Conservador de Bienes Raíces de Santiago. El mínimo para la subasta será la cantidad de 2059 Unidades de Fomento, en su equivalente en pesos al día de la subasta. En caso de suspenderse el remate por motivos ajenos al Tribunal, se realizará al día siguiente hábil a la misma hora, sin necesidad de nuevos avisos. Todo postor deberá incorporarse al extracto del aviso que se publicará. Se hace presente que la subasta se realizará de manera presencial en dependencias de este Undécimo Juzgado Civil de Santiago, ubicado en Huérfanos 1409, piso 3, Santiago. En cuanto a la garantía, esta se efectuará mediante vale nominativo al Undécimo Juzgado Civil de Santiago, por monto suficiente conforme a las bases de remate ya aprobadas, en el que debe constar el nombre del tomador del mismo y deberá presentarse en la Secretaría del tribunal al momento de efectuarse el llamado a remate, conjuntamente con la fotocopia de la cédula de identidad del tomador en el caso que éste sea una persona natural, a fin de dar cumplimiento a lo dispuesto por el inciso 5° del artículo 29 de la Ley 21.389, bajo apercibimiento de no ser admitido para participar en el remate como postor. Asimismo, el acta de remate deberá ser suscrita inmediatamente de concluida la subasta. Bases y demás antecedentes en autos Rol C-6477- 2021, caratulado 'Banco Falabella con Pérez'. Desposeimiento. Secretaria.

REMATE VIGÉSIMO SEGUNDO JUZ- gado Civil Santiago, Huérfanos 1409, 6° piso, fecha 30 marzo 2026, a las 12:30 horas. Remátase propiedad ubicada en calle Pasaje Asoa número cinco mil setecientos cuarenta y cinco, que corresponde al sitio número de la Manzana K del plano de la Población 'El Cortijo Sector Cuarto B', comuna de Conchalí, Región Metropolitana, inscrito a fojas 99791 N° 104360 del Registro de Propiedad Conservador de Bienes Raíces de Santiago del año 2005. Mínimo posturas $ 36.334.824.- Remate se efectuará por videoconferencia a través de la plataforma zoom, en el link: https://pjudcl.zoom.us/j/94309482720?pwd=Wald9JLTbZe3XPmLY6YhxLF3ehx26a.1. Interesados deberán rendir caución 10% mínimo mediante vale vista orden tribunal, el que deberá ser presentado el día jueves anterior a la realización de la subasta, entre las 10:00 y las 12:30 horas. Conjuntamente deberá entregar documento anexo: rol de la causa, nombre y rut postor o del apoderado del postor que comparecerá a la audiencia, número teléfono y correo electrónico. Acta remate se suscribirá el mismo día de la subasta. Saldo precio deberá consignarse dentro quinto día hábil desde fecha subasta. La escritura de compraventa deberá ser confeccionada dentro de los 30 días hábiles del remate, todo lo anterior, sin perjuicio de lo dispuesto desde la resolución que ordena su extensión se encuentre ejecutoriada. Si el comprador requiere un plazo superior deberá pedirlo expresamente y se le concederá por una sola vez el aumento de plazo, con tope máximo de 30 días. Demás bases y antecedentes en secretaría del tribunal 'Banco del Estado de Chile con Astudillo Soto Carlos Antonio', Rol C-6905-2025. La Secretaria.

13° JUZGADO CIVIL SANTIAGO, Huérfanos N° 1409, 4° Piso, Santiago: Se rematará, el 26 de marzo de 2026, a las 15:00 horas, mediante videoconferencia, vía plataforma Zoom, 1. El departa-
